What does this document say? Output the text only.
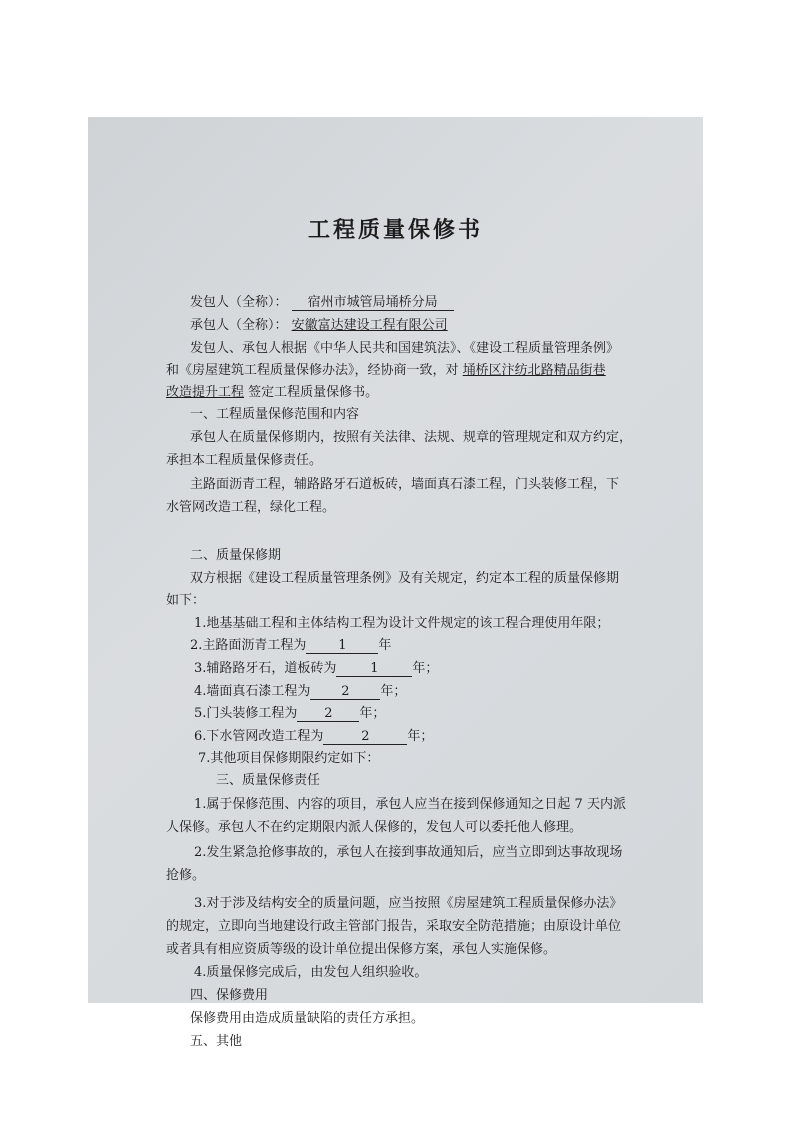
工程质量保修书
发包人（全称）： 宿州市城管局埇桥分局
承包人（全称）： 安徽富达建设工程有限公司
发包人、承包人根据《中华人民共和国建筑法》、《建设工程质量管理条例》
和《房屋建筑工程质量保修办法》，经协商一致，对 埇桥区汴纺北路精品街巷
改造提升工程 签定工程质量保修书。
一、工程质量保修范围和内容
承包人在质量保修期内，按照有关法律、法规、规章的管理规定和双方约定，
承担本工程质量保修责任。
主路面沥青工程，辅路路牙石道板砖，墙面真石漆工程，门头装修工程，下
水管网改造工程，绿化工程。
二、质量保修期
双方根据《建设工程质量管理条例》及有关规定，约定本工程的质量保修期
如下：
1.地基基础工程和主体结构工程为设计文件规定的该工程合理使用年限；
2.主路面沥青工程为 1 年
3.辅路路牙石，道板砖为	1	年；
4.墙面真石漆工程为 2 年；
5.门头装修工程为 2 年；
6.下水管网改造工程为	2	年；
7.其他项目保修期限约定如下：
三、质量保修责任
1.属于保修范围、内容的项目，承包人应当在接到保修通知之日起 7 天内派
人保修。承包人不在约定期限内派人保修的，发包人可以委托他人修理。
2.发生紧急抢修事故的，承包人在接到事故通知后，应当立即到达事故现场
抢修。
3.对于涉及结构安全的质量问题，应当按照《房屋建筑工程质量保修办法》
的规定，立即向当地建设行政主管部门报告，采取安全防范措施；由原设计单位
或者具有相应资质等级的设计单位提出保修方案，承包人实施保修。
4.质量保修完成后，由发包人组织验收。
四、保修费用
保修费用由造成质量缺陷的责任方承担。
五、其他
